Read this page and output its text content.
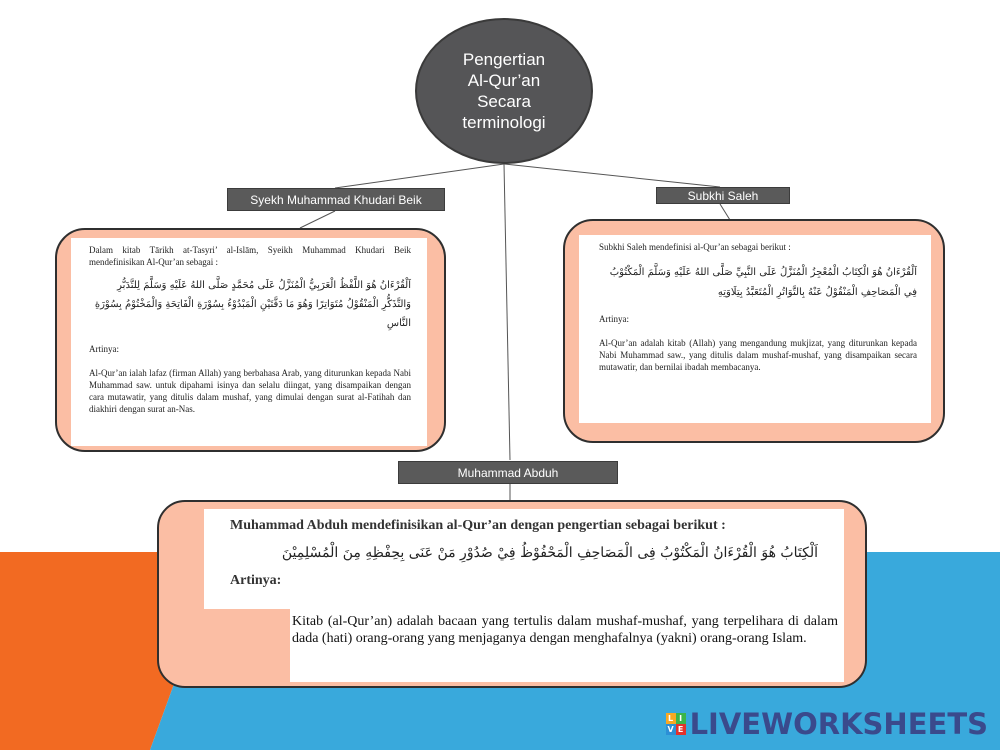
Pengertian
Al-Qur’an
Secara
terminologi
Syekh Muhammad Khudari Beik	Subkhi Saleh
Muhammad Abduh

Dalam kitab Tārikh at-Tasyri’ al-Islām, Syeikh Muhammad Khudari Beik mendefinisikan Al-Qur’an sebagai :

اَلْقُرْءَانُ هُوَ اللَّفْظُ الْعَرَبِيُّ الْمُنَزَّلُ عَلَى مُحَمَّدٍ صَلَّى اللهُ عَلَيْهِ وَسَلَّمَ لِلتَّدَبُّرِ وَالتَّذَكُّرِ الْمَنْقُوْلُ مُتَوَاتِرًا وَهُوَ مَا دَفَّتَيْنِ الْمَبْدُوْءُ بِسُوْرَةِ الْفَاتِحَةِ وَالْمَخْتُوْمُ بِسُوْرَةِ النَّاسِ

Artinya:

Al-Qur’an ialah lafaz (firman Allah) yang berbahasa Arab, yang diturunkan kepada Nabi Muhammad saw. untuk dipahami isinya dan selalu diingat, yang disampaikan dengan cara mutawatir, yang ditulis dalam mushaf, yang dimulai dengan surat al-Fatihah dan diakhiri dengan surat an-Nas.

Subkhi Saleh mendefinisi al-Qur’an sebagai berikut :

اَلْقُرْءَانُ هُوَ الْكِتَابُ الْمُعْجِزُ الْمُنَزَّلُ عَلَى النَّبِيِّ صَلَّى اللهُ عَلَيْهِ وَسَلَّمَ الْمَكْتُوْبُ فِي الْمَصَاحِفِ الْمَنْقُوْلُ عَنْهُ بِالتَّوَاتُرِ الْمُتَعَبَّدُ بِتِلَاوَتِهِ

Artinya:

Al-Qur’an adalah kitab (Allah) yang mengandung mukjizat, yang diturunkan kepada Nabi Muhammad saw., yang ditulis dalam mushaf-mushaf, yang disampaikan secara mutawatir, dan bernilai ibadah membacanya.

Muhammad Abduh mendefinisikan al-Qur’an dengan pengertian sebagai berikut :

اَلْكِتَابُ هُوَ الْقُرْءَانُ الْمَكْتُوْبُ فِى الْمَصَاحِفِ الْمَحْفُوْظُ فِيْ صُدُوْرِ مَنْ عَنَى بِحِفْظِهِ مِنَ الْمُسْلِمِيْنَ

Artinya:

Kitab (al-Qur’an) adalah bacaan yang tertulis dalam mushaf-mushaf, yang terpelihara di dalam dada (hati) orang-orang yang menjaganya dengan menghafalnya (yakni) orang-orang Islam.
L I
V E LIVEWORKSHEETS
